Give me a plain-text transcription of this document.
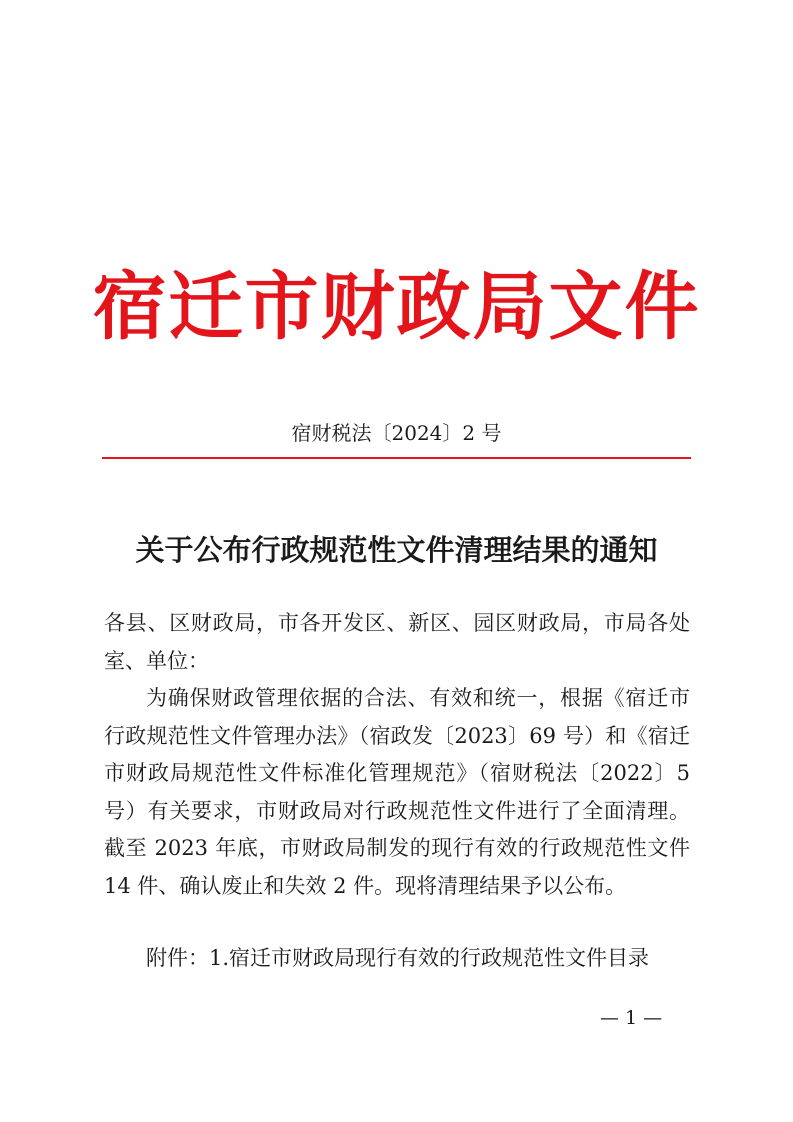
宿迁市财政局文件
宿财税法〔2024〕2 号
关于公布行政规范性文件清理结果的通知

各县、区财政局，市各开发区、新区、园区财政局，市局各处室、单位：

为确保财政管理依据的合法、有效和统一，根据《宿迁市行政规范性文件管理办法》（宿政发〔2023〕69 号）和《宿迁市财政局规范性文件标准化管理规范》（宿财税法〔2022〕5 号）有关要求，市财政局对行政规范性文件进行了全面清理。截至 2023 年底，市财政局制发的现行有效的行政规范性文件 14 件、确认废止和失效 2 件。现将清理结果予以公布。

附件：1.宿迁市财政局现行有效的行政规范性文件目录
— 1 —
